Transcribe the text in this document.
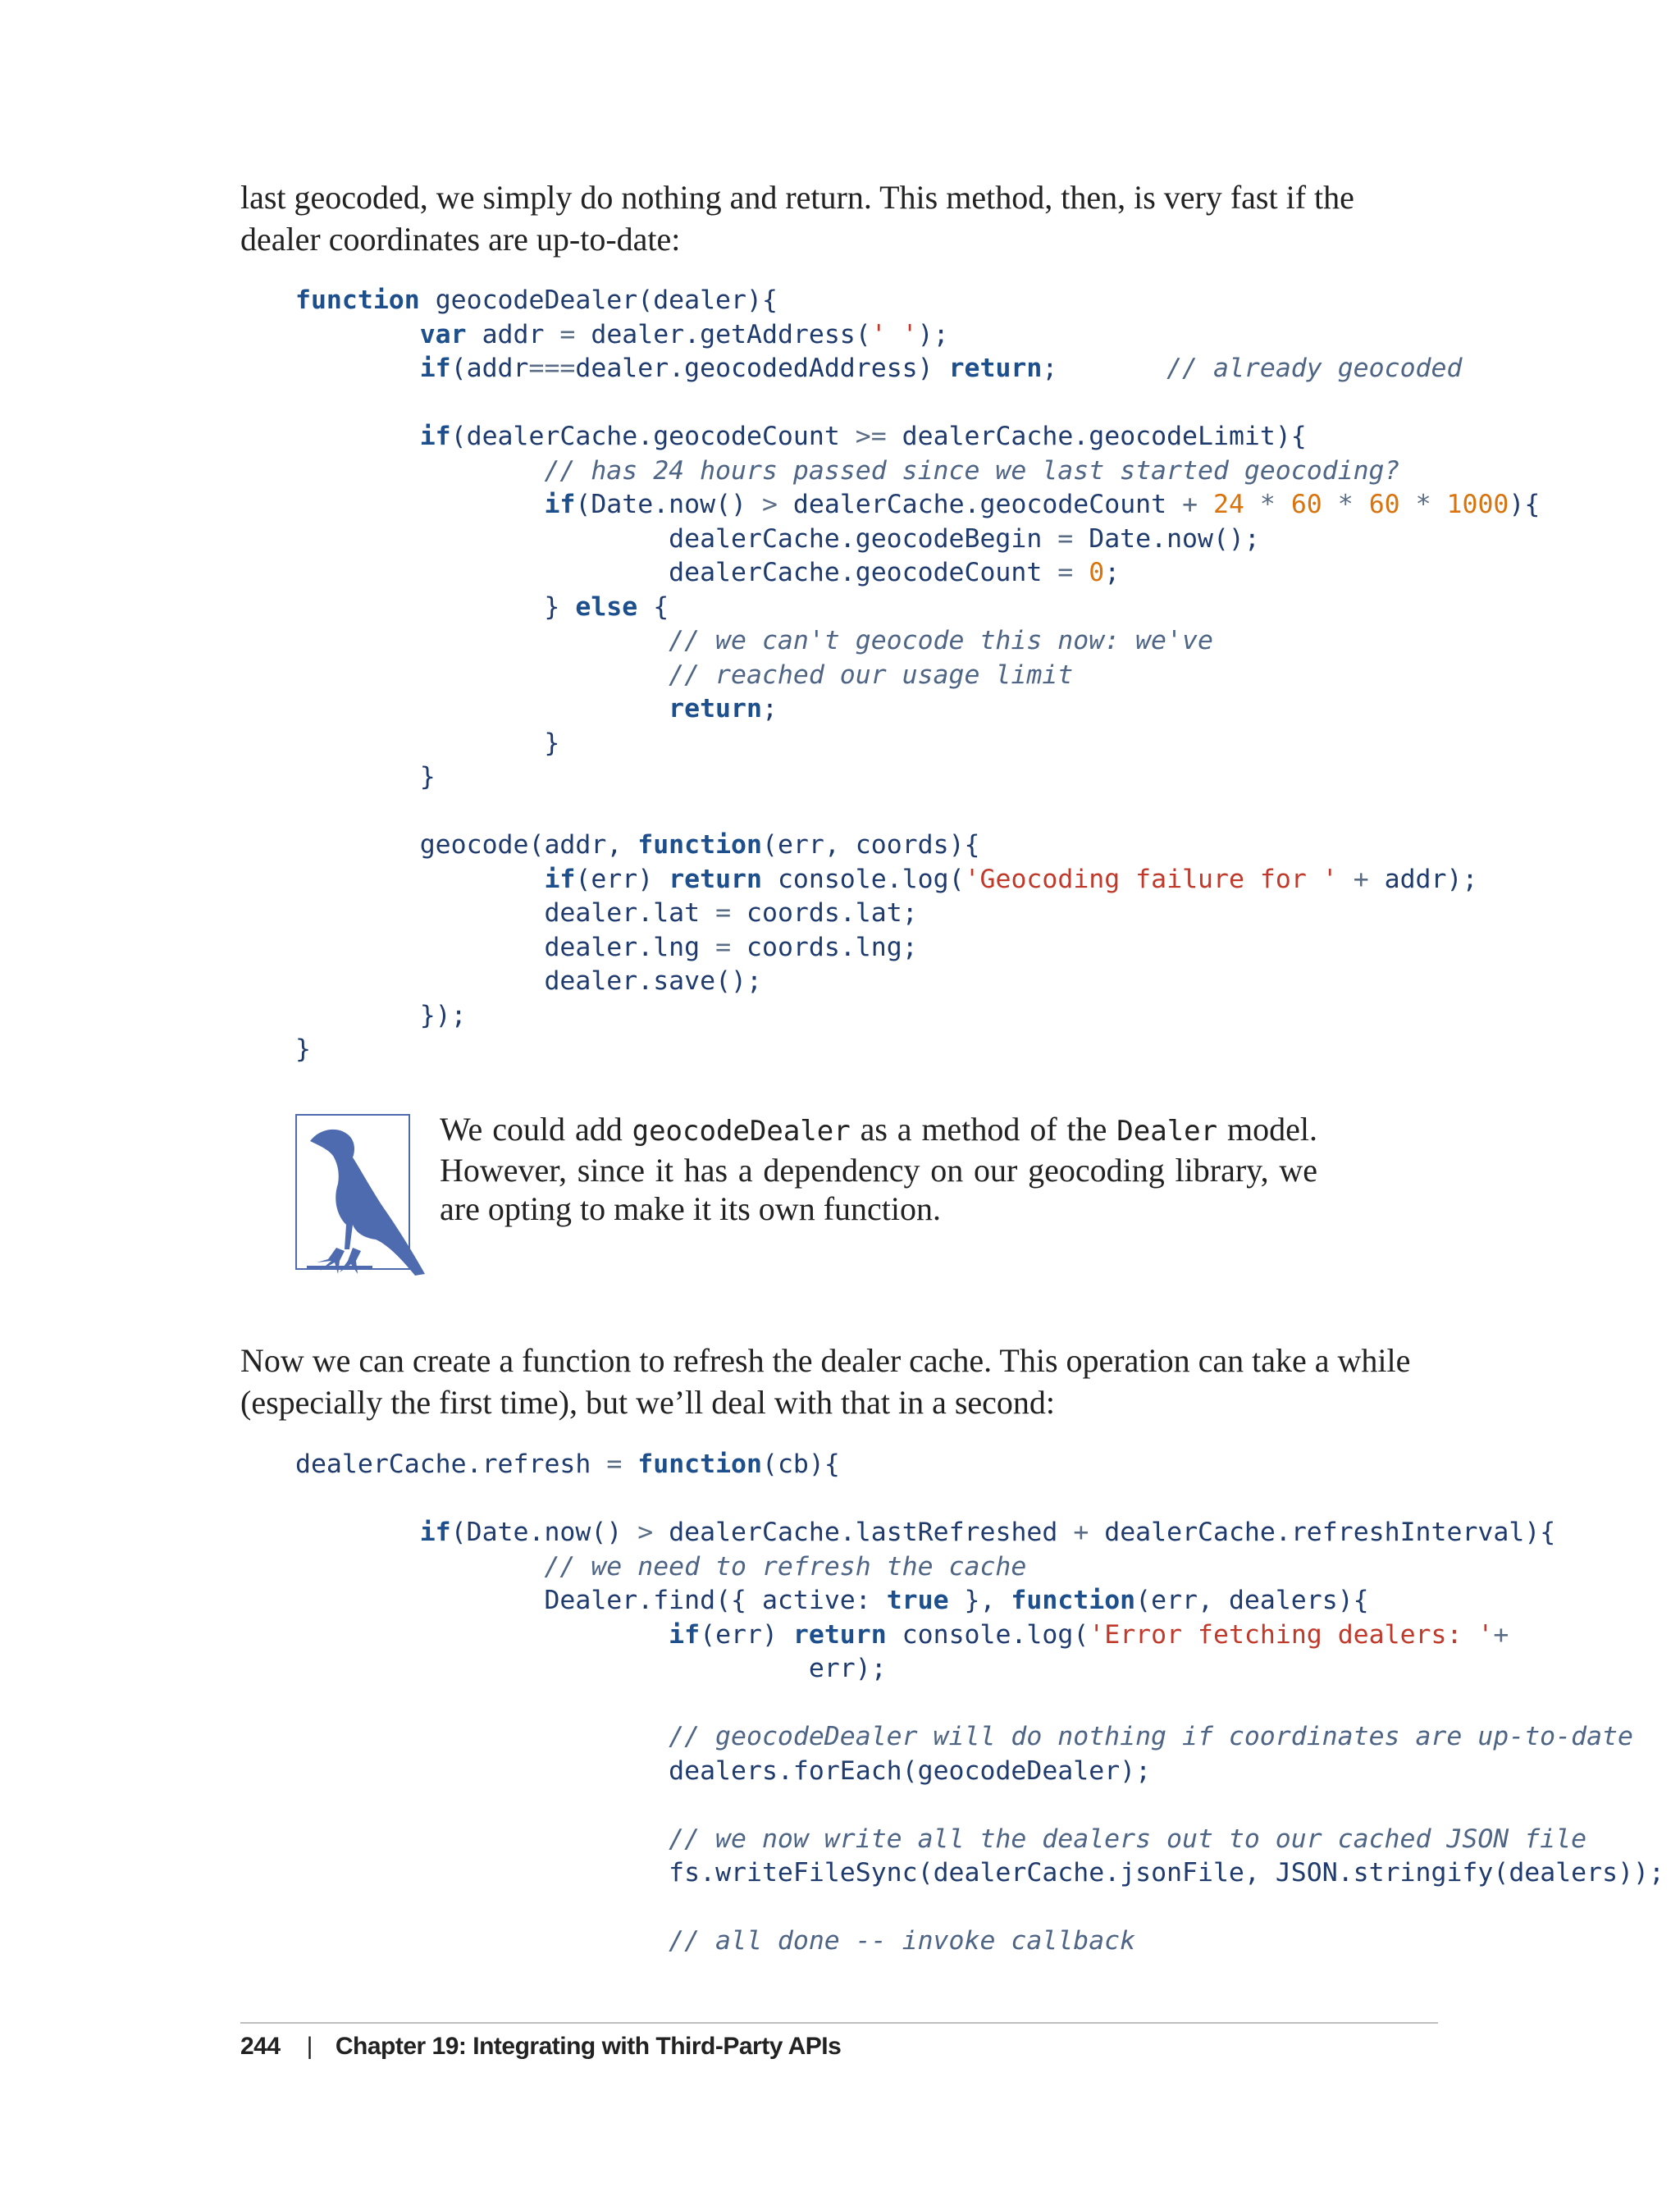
last geocoded, we simply do nothing and return. This method, then, is very fast if the dealer coordinates are up-to-date:

function geocodeDealer(dealer){
var addr = dealer.getAddress(' ');
if(addr===dealer.geocodedAddress) return;       // already geocoded

if(dealerCache.geocodeCount >= dealerCache.geocodeLimit){
// has 24 hours passed since we last started geocoding?
if(Date.now() > dealerCache.geocodeCount + 24 * 60 * 60 * 1000){
dealerCache.geocodeBegin = Date.now();
dealerCache.geocodeCount = 0;
} else {
// we can't geocode this now: we've
// reached our usage limit
return;
}
}

geocode(addr, function(err, coords){
if(err) return console.log('Geocoding failure for ' + addr);
dealer.lat = coords.lat;
dealer.lng = coords.lng;
dealer.save();
});
}

We could add geocodeDealer as a method of the Dealer model. However, since it has a dependency on our geocoding library, we are opting to make it its own function.

Now we can create a function to refresh the dealer cache. This operation can take a while (especially the first time), but we’ll deal with that in a second:

dealerCache.refresh = function(cb){

if(Date.now() > dealerCache.lastRefreshed + dealerCache.refreshInterval){
// we need to refresh the cache
Dealer.find({ active: true }, function(err, dealers){
if(err) return console.log('Error fetching dealers: '+
err);

// geocodeDealer will do nothing if coordinates are up-to-date
dealers.forEach(geocodeDealer);

// we now write all the dealers out to our cached JSON file
fs.writeFileSync(dealerCache.jsonFile, JSON.stringify(dealers));

// all done -- invoke callback
244 | Chapter 19: Integrating with Third-Party APIs
